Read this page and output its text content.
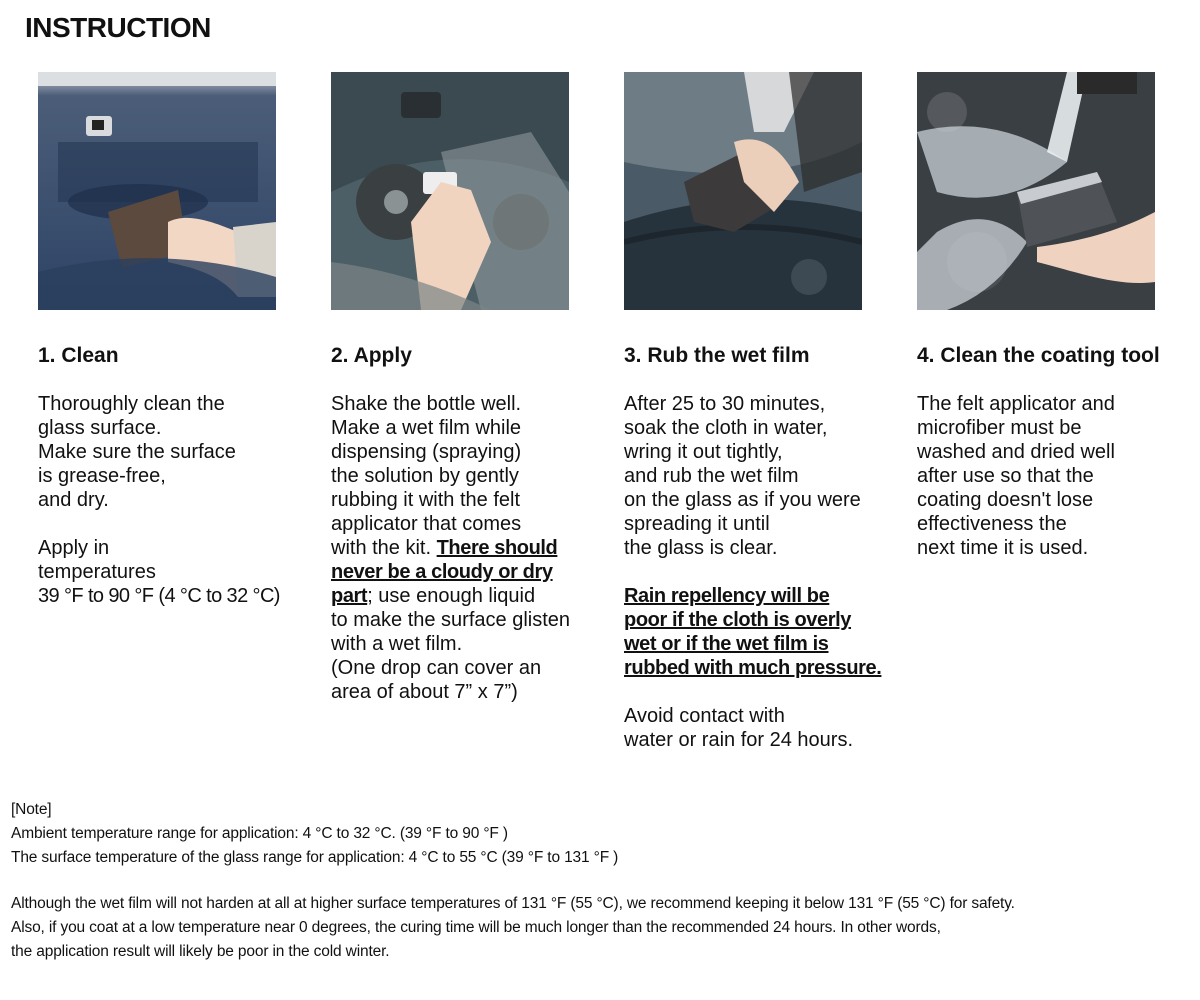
INSTRUCTION
1. Clean

Thoroughly clean the
glass surface.
Make sure the surface
is grease-free,
and dry.

Apply in
temperatures
39 °F to 90 °F (4 °C to 32 °C)

2. Apply

Shake the bottle well.
Make a wet film while
dispensing (spraying)
the solution by gently
rubbing it with the felt
applicator that comes
with the kit. There should
never be a cloudy or dry
part; use enough liquid
to make the surface glisten
with a wet film.
(One drop can cover an
area of about 7” x 7”)

3. Rub the wet film

After 25 to 30 minutes,
soak the cloth in water,
wring it out tightly,
and rub the wet film
on the glass as if you were
spreading it until
the glass is clear.

Rain repellency will be
poor if the cloth is overly
wet or if the wet film is
rubbed with much pressure.

Avoid contact with
water or rain for 24 hours.

4. Clean the coating tool

The felt applicator and
microfiber must be
washed and dried well
after use so that the
coating doesn't lose
effectiveness the
next time it is used.

[Note]
Ambient temperature range for application: 4 °C to 32 °C. (39 °F to 90 °F )
The surface temperature of the glass range for application: 4 °C to 55 °C (39 °F to 131 °F )
Although the wet film will not harden at all at higher surface temperatures of 131 °F (55 °C), we recommend keeping it below 131 °F (55 °C) for safety.
Also, if you coat at a low temperature near 0 degrees, the curing time will be much longer than the recommended 24 hours. In other words,
the application result will likely be poor in the cold winter.
